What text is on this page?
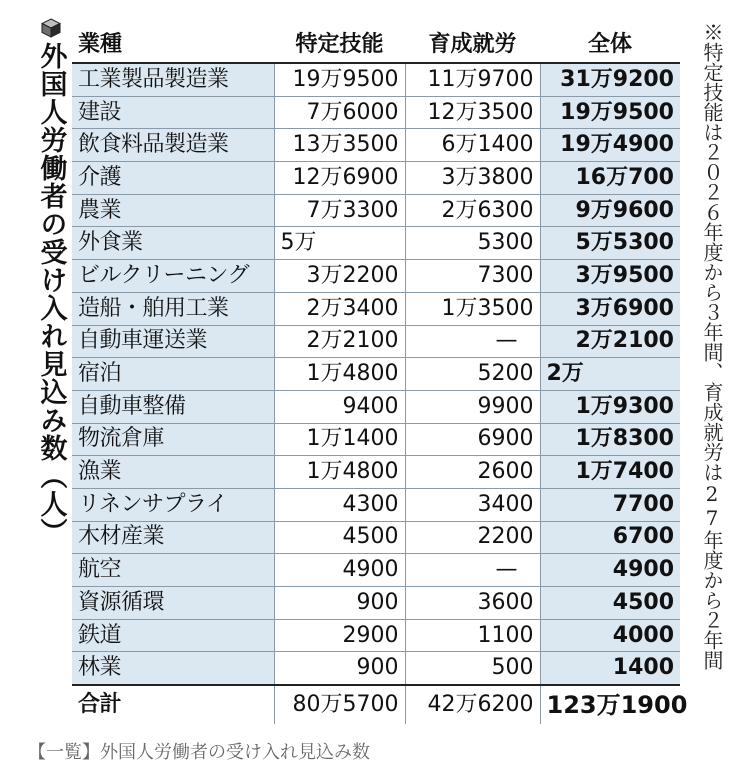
外国人労働者の受け入れ見込み数（人）	※特定技能は２０２６年度から３年間、育成就労は27年度から２年間
業種	特定技能	育成就労	全体
工業製品製造業	19万9500	11万9700	31万9200
建設	7万6000	12万3500	19万9500
飲食料品製造業	13万3500	6万1400	19万4900
介護	12万6900	3万3800	16万700
農業	7万3300	2万6300	9万9600
外食業	5万	5300	5万5300
ビルクリーニング	3万2200	7300	3万9500
造船・舶用工業	2万3400	1万3500	3万6900
自動車運送業	2万2100	—	2万2100
宿泊	1万4800	5200	2万
自動車整備	9400	9900	1万9300
物流倉庫	1万1400	6900	1万8300
漁業	1万4800	2600	1万7400
リネンサプライ	4300	3400	7700
木材産業	4500	2200	6700
航空	4900	—	4900
資源循環	900	3600	4500
鉄道	2900	1100	4000
林業	900	500	1400
合計	80万5700	42万6200	123万1900
【一覧】外国人労働者の受け入れ見込み数
